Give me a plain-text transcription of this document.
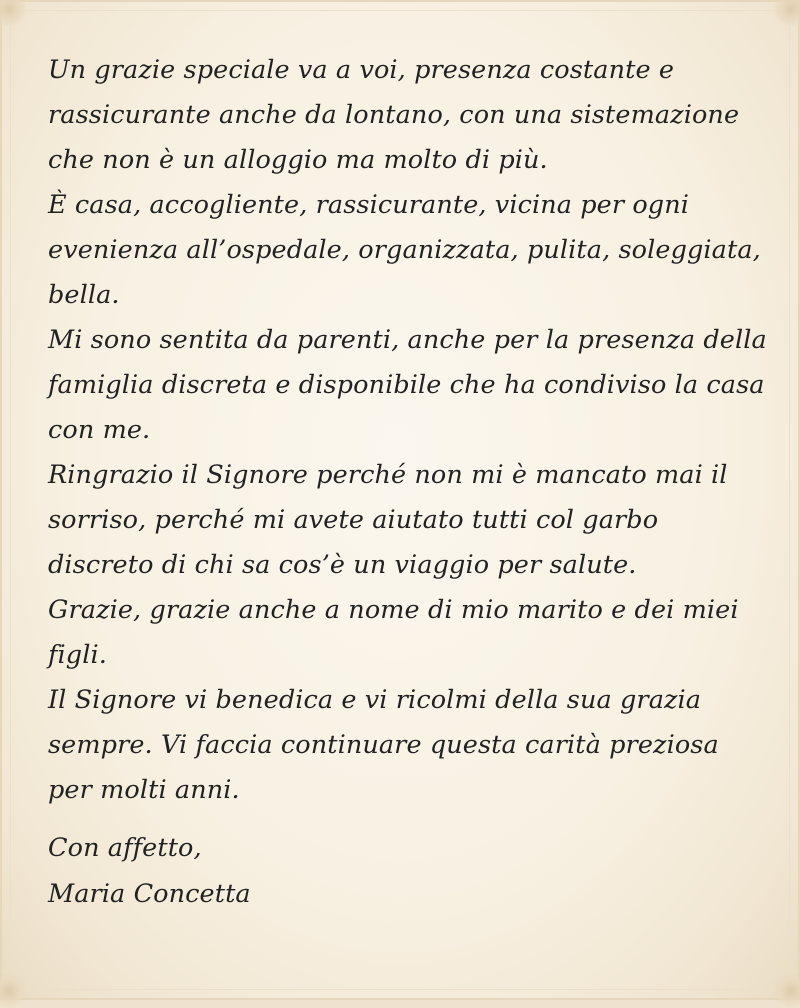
Un grazie speciale va a voi, presenza costante e rassicurante anche da lontano, con una sistemazione che non è un alloggio ma molto di più.

È casa, accogliente, rassicurante, vicina per ogni evenienza all’ospedale, organizzata, pulita, soleggiata, bella.

Mi sono sentita da parenti, anche per la presenza della famiglia discreta e disponibile che ha condiviso la casa con me.

Ringrazio il Signore perché non mi è mancato mai il sorriso, perché mi avete aiutato tutti col garbo discreto di chi sa cos’è un viaggio per salute.

Grazie, grazie anche a nome di mio marito e dei miei figli.

Il Signore vi benedica e vi ricolmi della sua grazia sempre. Vi faccia continuare questa carità preziosa per molti anni.

Con affetto,
Maria Concetta
